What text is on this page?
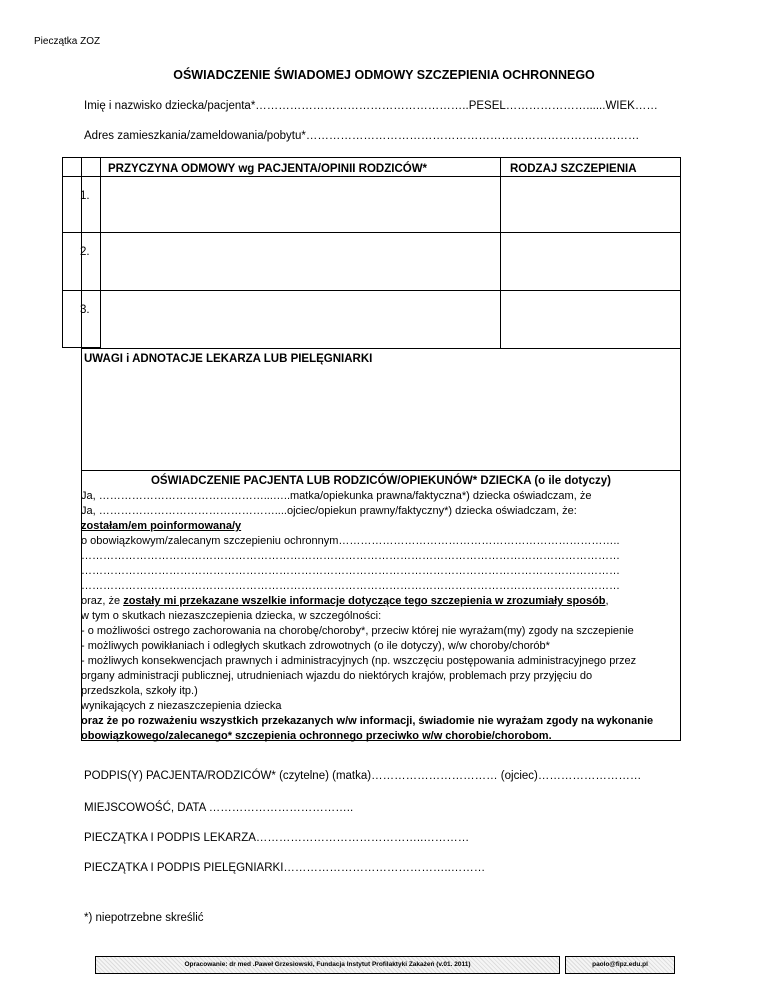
Pieczątka ZOZ
OŚWIADCZENIE ŚWIADOMEJ ODMOWY SZCZEPIENIA OCHRONNEGO
Imię i nazwisko dziecka/pacjenta*………………………………………………..PESEL…………………......WIEK……
Adres zamieszkania/zameldowania/pobytu*……………………………………………………………………………
PRZYCZYNA ODMOWY wg PACJENTA/OPINII RODZICÓW*	RODZAJ SZCZEPIENIA
1.
2.
3.
UWAGI i ADNOTACJE LEKARZA LUB PIELĘGNIARKI

OŚWIADCZENIE PACJENTA LUB RODZICÓW/OPIEKUNÓW* DZIECKA (o ile dotyczy)

Ja, ………………………………………...…..matka/opiekunka prawna/faktyczna*) dziecka oświadczam, że

Ja, …………………………………………....ojciec/opiekun prawny/faktyczny*) dziecka oświadczam, że:

zostałam/em poinformowana/y

o obowiązkowym/zalecanym szczepieniu ochronnym…………………………………………………………………..

…………………………………………………………………………………………………………………………………

…………………………………………………………………………………………………………………………………

…………………………………………………………………………………………………………………………………

oraz, że zostały mi przekazane wszelkie informacje dotyczące tego szczepienia w zrozumiały sposób,

w tym o skutkach niezaszczepienia dziecka, w szczególności:

- o możliwości ostrego zachorowania na chorobę/choroby*, przeciw której nie wyrażam(my) zgody na szczepienie

- możliwych powikłaniach i odległych skutkach zdrowotnych (o ile dotyczy), w/w choroby/chorób*

- możliwych konsekwencjach prawnych i administracyjnych (np. wszczęciu postępowania administracyjnego przez

organy administracji publicznej, utrudnieniach wjazdu do niektórych krajów, problemach przy przyjęciu do

przedszkola, szkoły itp.)

wynikających z niezaszczepienia dziecka

oraz że po rozważeniu wszystkich przekazanych w/w informacji, świadomie nie wyrażam zgody na wykonanie

obowiązkowego/zalecanego* szczepienia ochronnego przeciwko w/w chorobie/chorobom.

PODPIS(Y) PACJENTA/RODZICÓW* (czytelne) (matka)…………………………… (ojciec)………………………
MIEJSCOWOŚĆ, DATA ………………………………..
PIECZĄTKA I PODPIS LEKARZA……………………………………..…………
PIECZĄTKA I PODPIS PIELĘGNIARKI……………………………………..………
*) niepotrzebne skreślić
Opracowanie: dr med .Paweł Grzesiowski, Fundacja Instytut Profilaktyki Zakażeń (v.01. 2011)	paolo@fipz.edu.pl
